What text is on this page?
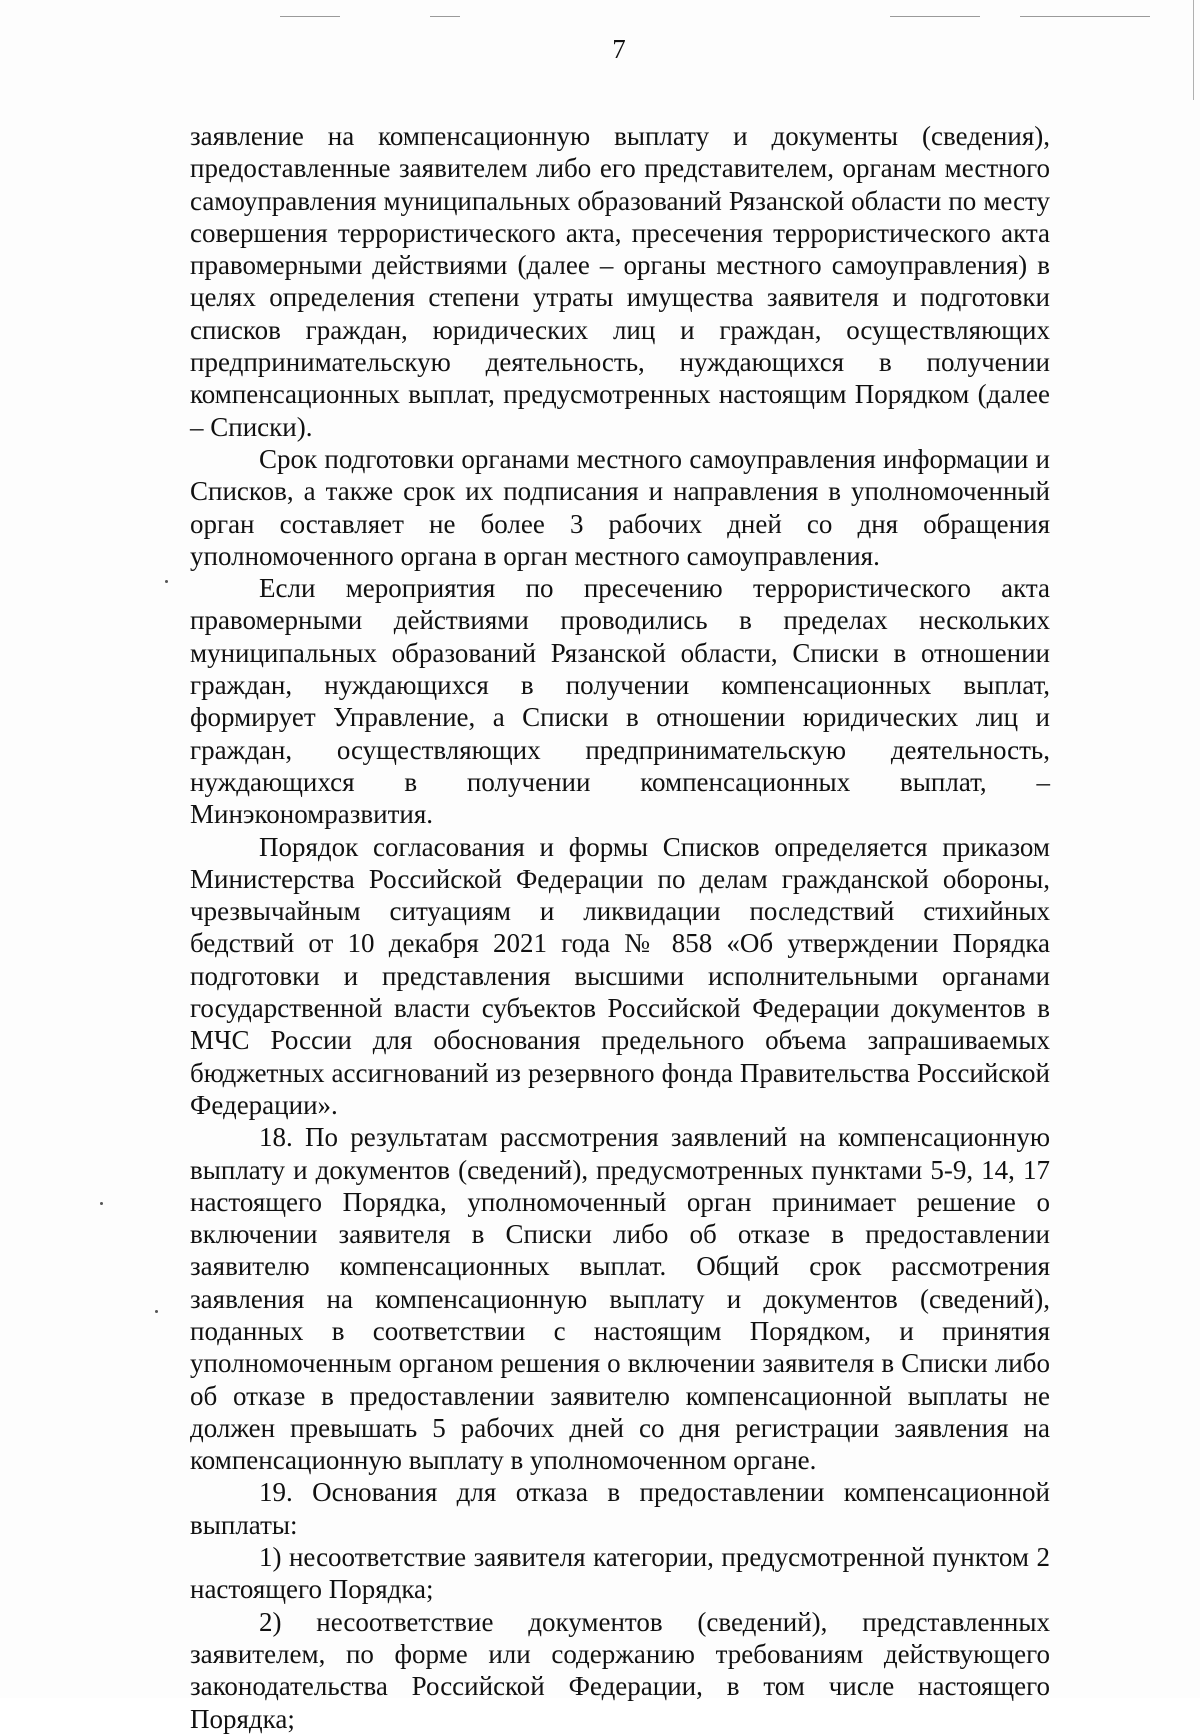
7

заявление на компенсационную выплату и документы (сведения), предоставленные заявителем либо его представителем, органам местного самоуправления муниципальных образований Рязанской области по месту совершения террористического акта, пресечения террористического акта правомерными действиями (далее – органы местного самоуправления) в целях определения степени утраты имущества заявителя и подготовки списков граждан, юридических лиц и граждан, осуществляющих предпринимательскую деятельность, нуждающихся в получении компенсационных выплат, предусмотренных настоящим Порядком (далее – Списки).

Срок подготовки органами местного самоуправления информации и Списков, а также срок их подписания и направления в уполномоченный орган составляет не более 3 рабочих дней со дня обращения уполномоченного органа в орган местного самоуправления.

Если мероприятия по пресечению террористического акта правомерными действиями проводились в пределах нескольких муниципальных образований Рязанской области, Списки в отношении граждан, нуждающихся в получении компенсационных выплат, формирует Управление, а Списки в отношении юридических лиц и граждан, осуществляющих предпринимательскую деятельность, нуждающихся в получении компенсационных выплат, – Минэкономразвития.

Порядок согласования и формы Списков определяется приказом Министерства Российской Федерации по делам гражданской обороны, чрезвычайным ситуациям и ликвидации последствий стихийных бедствий от 10 декабря 2021 года № 858 «Об утверждении Порядка подготовки и представления высшими исполнительными органами государственной власти субъектов Российской Федерации документов в МЧС России для обоснования предельного объема запрашиваемых бюджетных ассигнований из резервного фонда Правительства Российской Федерации».

18. По результатам рассмотрения заявлений на компенсационную выплату и документов (сведений), предусмотренных пунктами 5-9, 14, 17 настоящего Порядка, уполномоченный орган принимает решение о включении заявителя в Списки либо об отказе в предоставлении заявителю компенсационных выплат. Общий срок рассмотрения заявления на компенсационную выплату и документов (сведений), поданных в соответствии с настоящим Порядком, и принятия уполномоченным органом решения о включении заявителя в Списки либо об отказе в предоставлении заявителю компенсационной выплаты не должен превышать 5 рабочих дней со дня регистрации заявления на компенсационную выплату в уполномоченном органе.

19. Основания для отказа в предоставлении компенсационной выплаты:

1) несоответствие заявителя категории, предусмотренной пунктом 2 настоящего Порядка;

2) несоответствие документов (сведений), представленных заявителем, по форме или содержанию требованиям действующего законодательства Российской Федерации, в том числе настоящего Порядка;
